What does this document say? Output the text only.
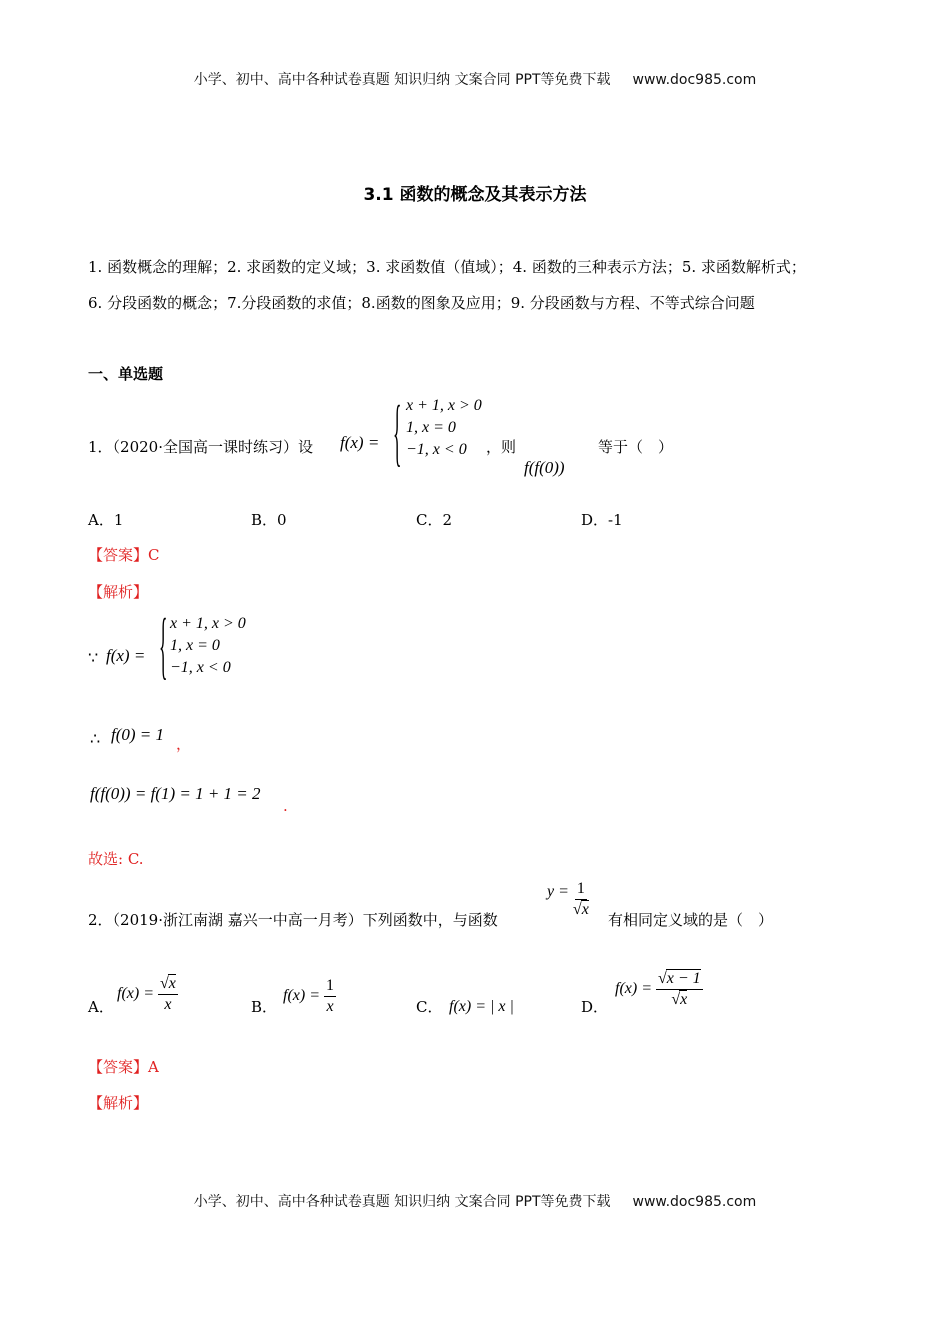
小学、初中、高中各种试卷真题 知识归纳 文案合同 PPT等免费下载 www.doc985.com
3.1 函数的概念及其表示方法
1. 函数概念的理解；2. 求函数的定义域；3. 求函数值（值域）；4. 函数的三种表示方法；5. 求函数解析式；
6. 分段函数的概念；7.分段函数的求值；8.函数的图象及应用；9. 分段函数与方程、不等式综合问题
一、单选题
1．（2020·全国高一课时练习）设 f(x) = { x + 1, x > 0
1, x = 0
−1, x < 0	，则
f(f(0))
等于（　）
A．1	B．0	C．2	D．-1
【答案】C
【解析】
∵ f(x) = { x + 1, x > 0
1, x = 0
−1, x < 0
∴ f(0) = 1 ，
f(f(0)) = f(1) = 1 + 1 = 2
.
故选: C.
2．（2019·浙江南湖 嘉兴一中高一月考）下列函数中，与函数
$y = \frac{1}{√x}$
有相同定义域的是（　）
A．
$f(x) = \frac{√x}{x}$	B．
$f(x) = \frac{1}{x}$	C． f(x) = | x |	D．
$f(x) = \frac{√x - 1}{√x}$
【答案】A
【解析】
小学、初中、高中各种试卷真题 知识归纳 文案合同 PPT等免费下载 www.doc985.com
